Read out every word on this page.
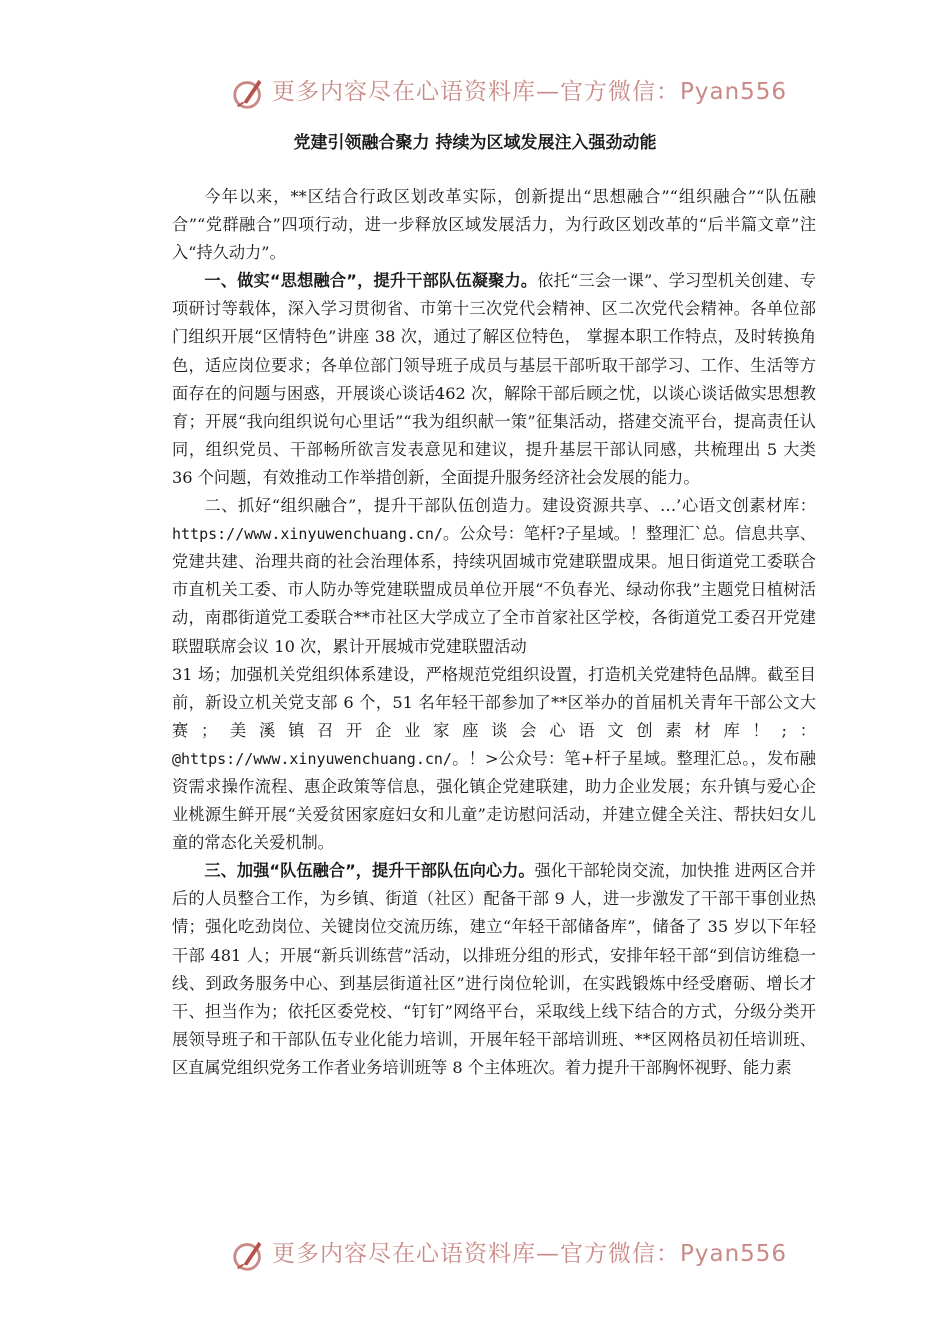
更多内容尽在心语资料库—官方微信：Pyan556
党建引领融合聚力 持续为区域发展注入强劲动能

今年以来，**区结合行政区划改革实际，创新提出“思想融合”“组织融合”“队伍融合”“党群融合”四项行动，进一步释放区域发展活力，为行政区划改革的“后半篇文章”注入“持久动力”。

一、做实“思想融合”，提升干部队伍凝聚力。依托“三会一课”、学习型机关创建、专项研讨等载体，深入学习贯彻省、市第十三次党代会精神、区二次党代会精神。各单位部门组织开展“区情特色”讲座 38 次，通过了解区位特色， 掌握本职工作特点，及时转换角色，适应岗位要求；各单位部门领导班子成员与基层干部听取干部学习、工作、生活等方面存在的问题与困惑，开展谈心谈话462 次，解除干部后顾之忧，以谈心谈话做实思想教育；开展“我向组织说句心里话”“我为组织献一策”征集活动，搭建交流平台，提高责任认同，组织党员、干部畅所欲言发表意见和建议，提升基层干部认同感，共梳理出 5 大类 36 个问题，有效推动工作举措创新，全面提升服务经济社会发展的能力。

二、抓好“组织融合”，提升干部队伍创造力。建设资源共享、…’心语文创素材库：https://www.xinyuwenchuang.cn/。公众号：笔杆?子星域。！整理汇`总。信息共享、 党建共建、治理共商的社会治理体系，持续巩固城市党建联盟成果。旭日街道党工委联合市直机关工委、市人防办等党建联盟成员单位开展“不负春光、绿动你我”主题党日植树活动，南郡街道党工委联合**市社区大学成立了全市首家社区学校，各街道党工委召开党建联盟联席会议 10 次，累计开展城市党建联盟活动

31 场；加强机关党组织体系建设，严格规范党组织设置，打造机关党建特色品牌。截至目前，新设立机关党支部 6 个，51 名年轻干部参加了**区举办的首届机关青年干部公文大赛；美溪镇召开企业家座谈会心语文创素材库！;：@https://www.xinyuwenchuang.cn/。！>公众号：笔+杆子星域。整理汇总。，发布融资需求操作流程、惠企政策等信息，强化镇企党建联建，助力企业发展；东升镇与爱心企业桃源生鲜开展“关爱贫困家庭妇女和儿童”走访慰问活动，并建立健全关注、帮扶妇女儿童的常态化关爱机制。

三、加强“队伍融合”，提升干部队伍向心力。强化干部轮岗交流，加快推 进两区合并后的人员整合工作，为乡镇、街道（社区）配备干部 9 人，进一步激发了干部干事创业热情；强化吃劲岗位、关键岗位交流历练，建立“年轻干部储备库”，储备了 35 岁以下年轻干部 481 人；开展“新兵训练营”活动，以排班分组的形式，安排年轻干部“到信访维稳一线、到政务服务中心、到基层街道社区”进行岗位轮训，在实践锻炼中经受磨砺、增长才干、担当作为；依托区委党校、“钉钉”网络平台，采取线上线下结合的方式，分级分类开展领导班子和干部队伍专业化能力培训，开展年轻干部培训班、**区网格员初任培训班、区直属党组织党务工作者业务培训班等 8 个主体班次。着力提升干部胸怀视野、能力素

更多内容尽在心语资料库—官方微信：Pyan556
